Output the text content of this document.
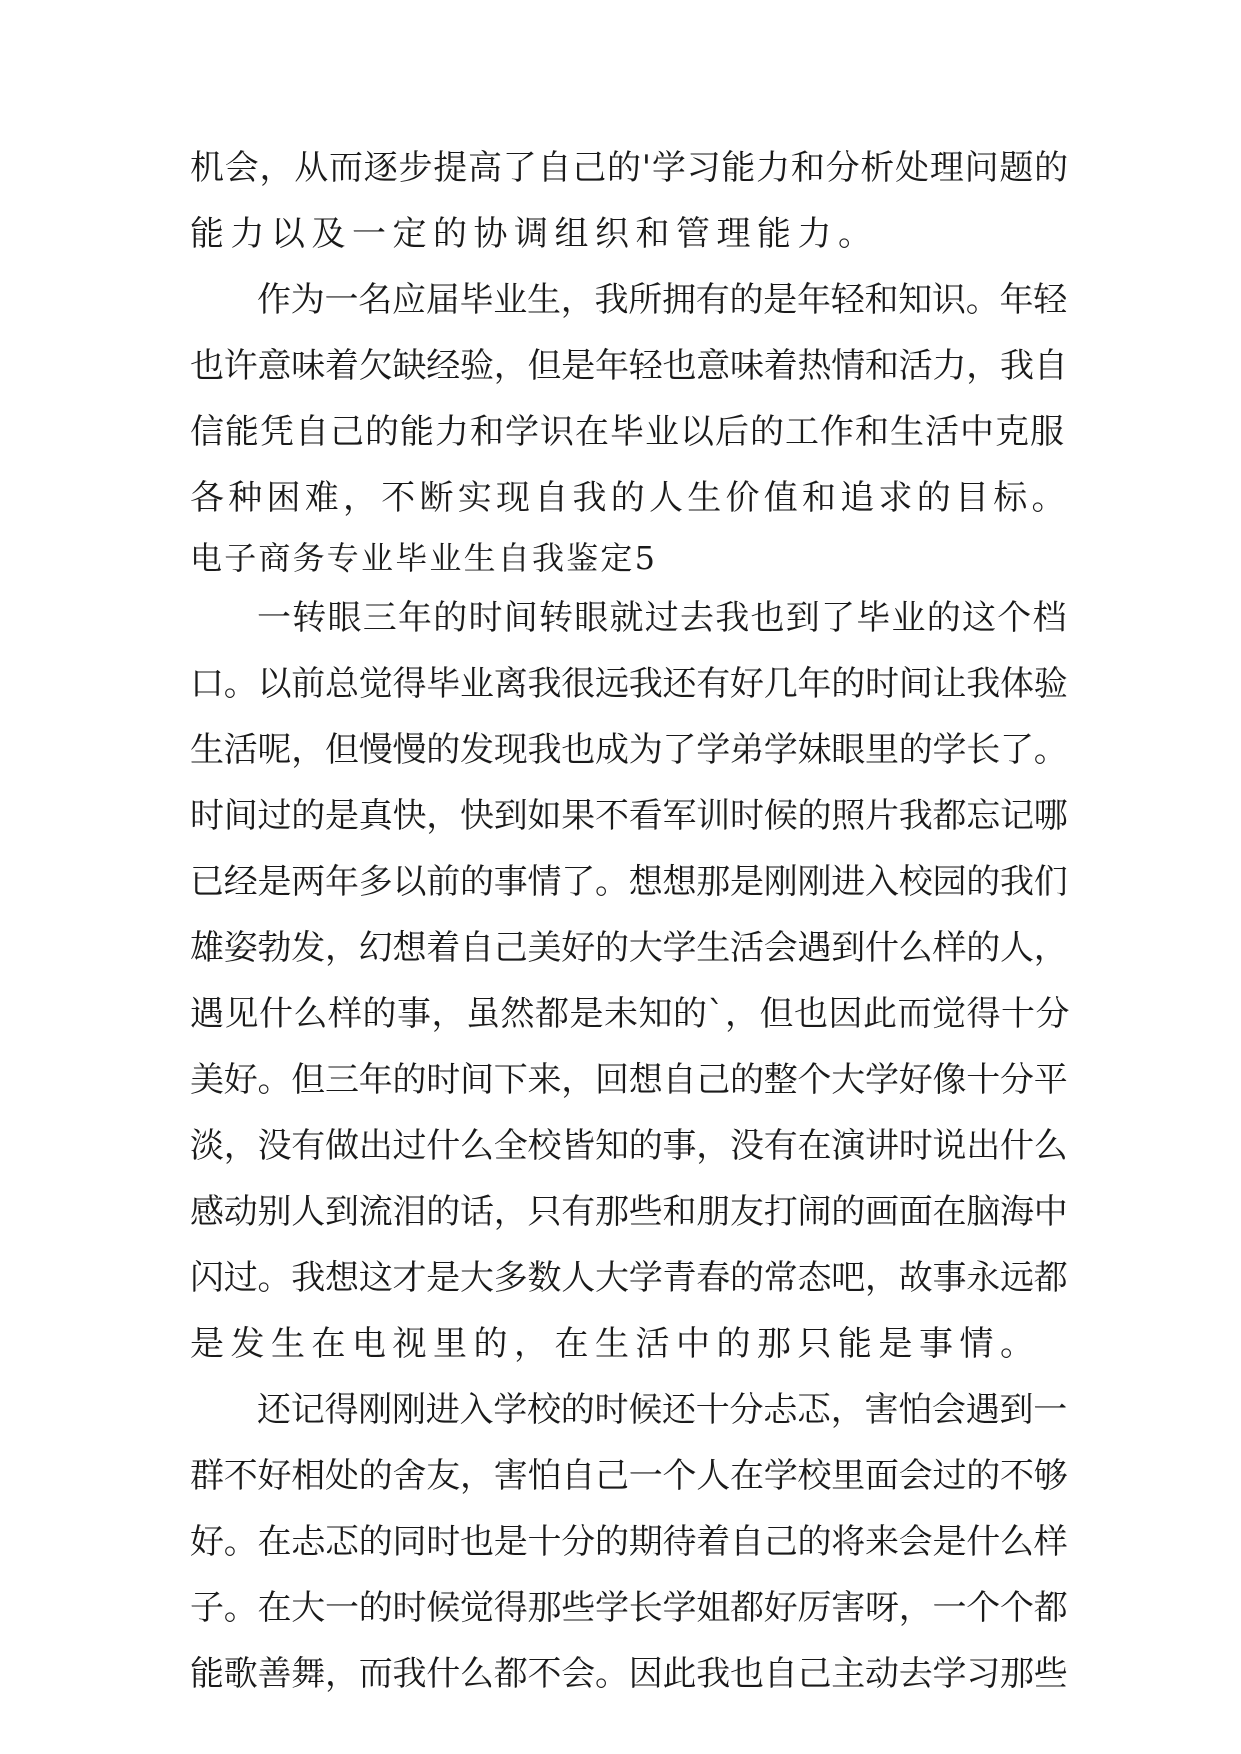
机会，从而逐步提高了自己的'学习能力和分析处理问题的
能力以及一定的协调组织和管理能力。
作为一名应届毕业生，我所拥有的是年轻和知识。年轻
也许意味着欠缺经验，但是年轻也意味着热情和活力，我自
信能凭自己的能力和学识在毕业以后的工作和生活中克服
各种困难，不断实现自我的人生价值和追求的目标。
电子商务专业毕业生自我鉴定5
一转眼三年的时间转眼就过去我也到了毕业的这个档
口。以前总觉得毕业离我很远我还有好几年的时间让我体验
生活呢，但慢慢的发现我也成为了学弟学妹眼里的学长了。
时间过的是真快，快到如果不看军训时候的照片我都忘记哪
已经是两年多以前的事情了。想想那是刚刚进入校园的我们
雄姿勃发，幻想着自己美好的大学生活会遇到什么样的人，
遇见什么样的事，虽然都是未知的`，但也因此而觉得十分
美好。但三年的时间下来，回想自己的整个大学好像十分平
淡，没有做出过什么全校皆知的事，没有在演讲时说出什么
感动别人到流泪的话，只有那些和朋友打闹的画面在脑海中
闪过。我想这才是大多数人大学青春的常态吧，故事永远都
是发生在电视里的，在生活中的那只能是事情。
还记得刚刚进入学校的时候还十分忐忑，害怕会遇到一
群不好相处的舍友，害怕自己一个人在学校里面会过的不够
好。在忐忑的同时也是十分的期待着自己的将来会是什么样
子。在大一的时候觉得那些学长学姐都好厉害呀，一个个都
能歌善舞，而我什么都不会。因此我也自己主动去学习那些
